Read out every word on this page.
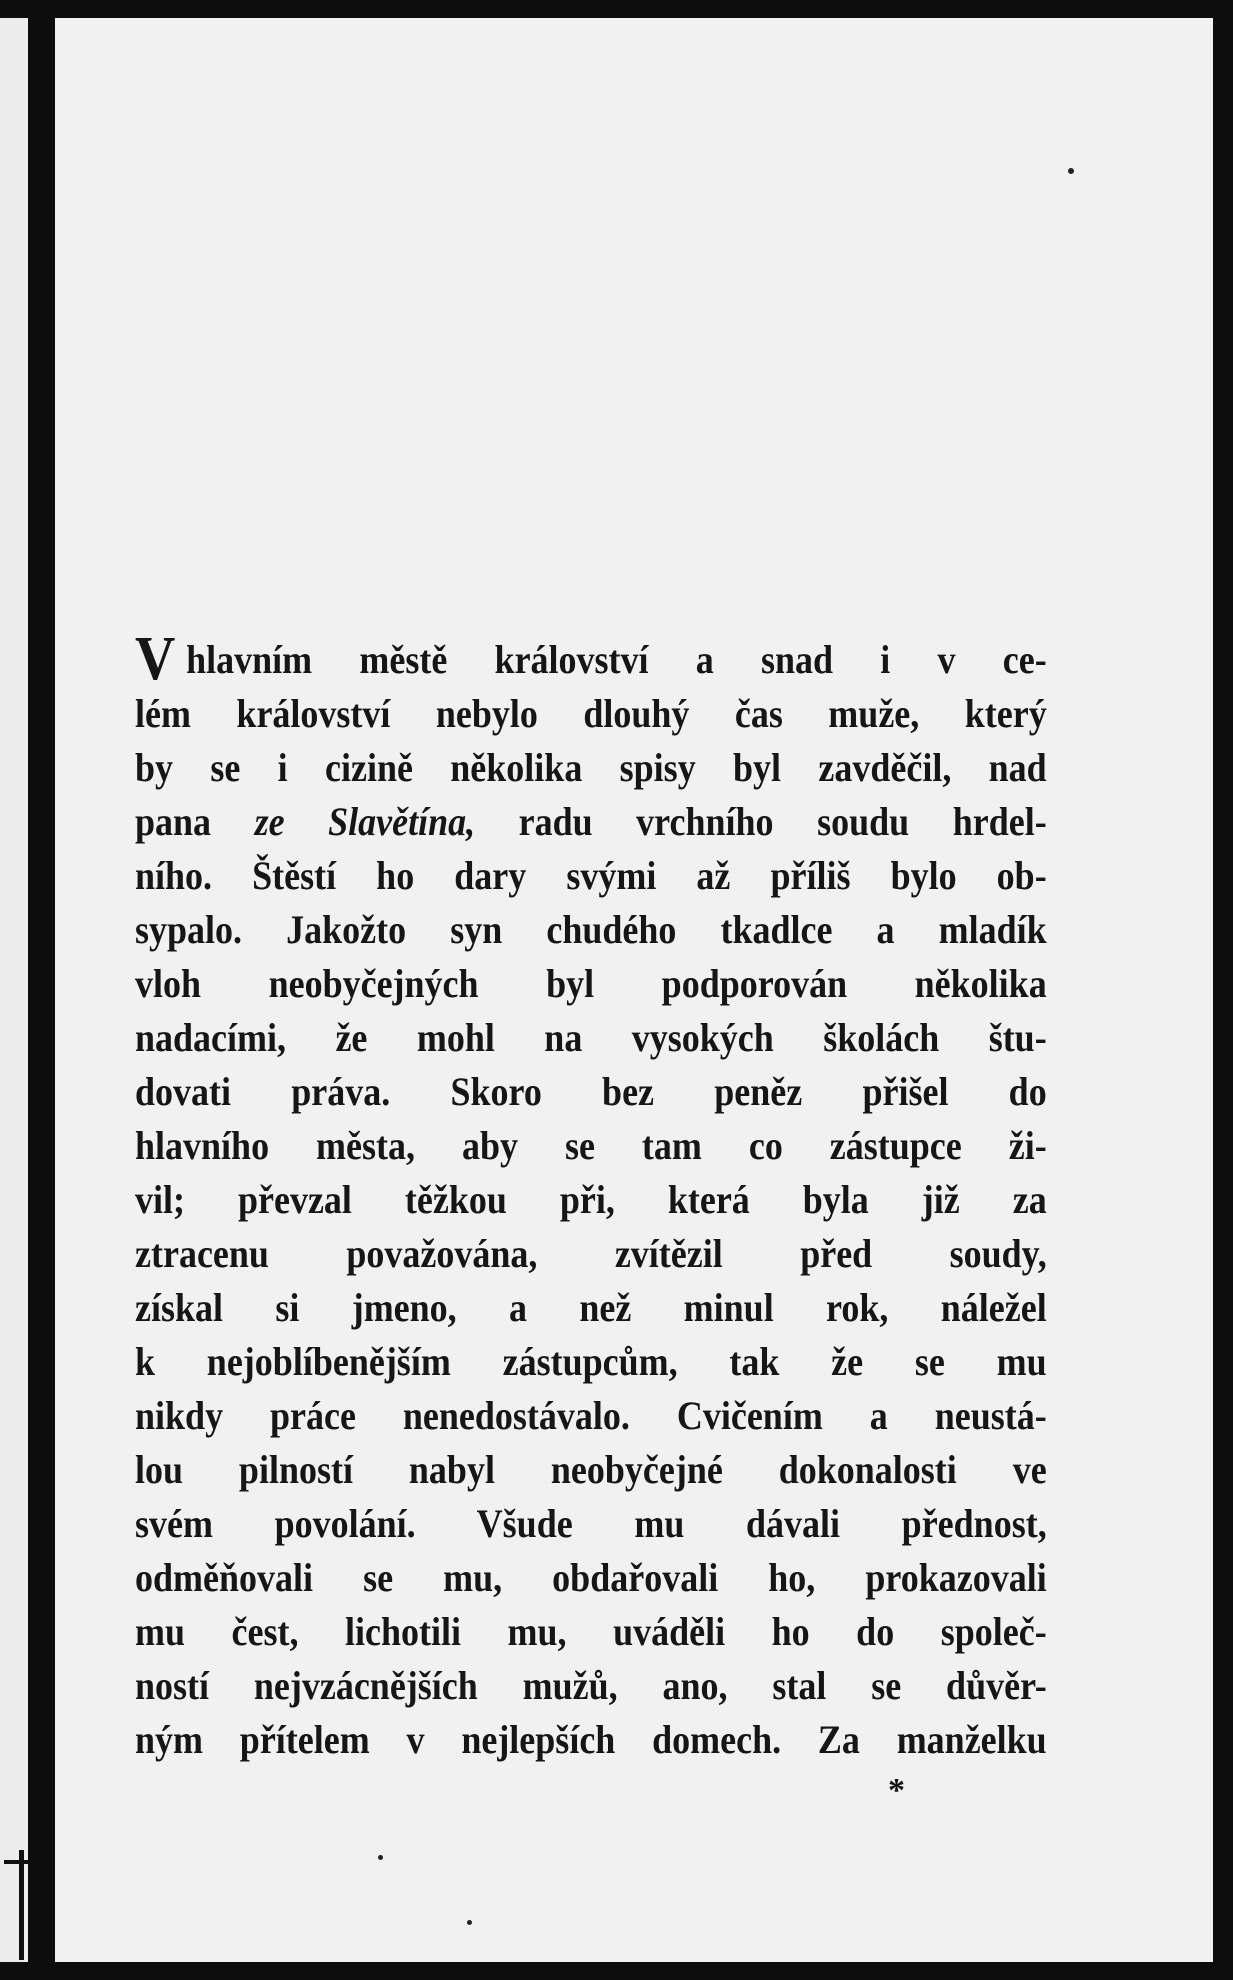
Vhlavním městě království a snad i v ce-
lém království nebylo dlouhý čas muže, který
by se i cizině několika spisy byl zavděčil, nad
pana ze Slavětína, radu vrchního soudu hrdel-
ního. Štěstí ho dary svými až příliš bylo ob-
sypalo. Jakožto syn chudého tkadlce a mladík
vloh neobyčejných byl podporován několika
nadacími, že mohl na vysokých školách štu-
dovati práva. Skoro bez peněz přišel do
hlavního města, aby se tam co zástupce ži-
vil; převzal těžkou při, která byla již za
ztracenu považována, zvítězil před soudy,
získal si jmeno, a než minul rok, náležel
k nejoblíbenějším zástupcům, tak že se mu
nikdy práce nenedostávalo. Cvičením a neustá-
lou pilností nabyl neobyčejné dokonalosti ve
svém povolání. Všude mu dávali přednost,
odměňovali se mu, obdařovali ho, prokazovali
mu čest, lichotili mu, uváděli ho do společ-
ností nejvzácnějších mužů, ano, stal se důvěr-
ným přítelem v nejlepších domech. Za manželku
*
